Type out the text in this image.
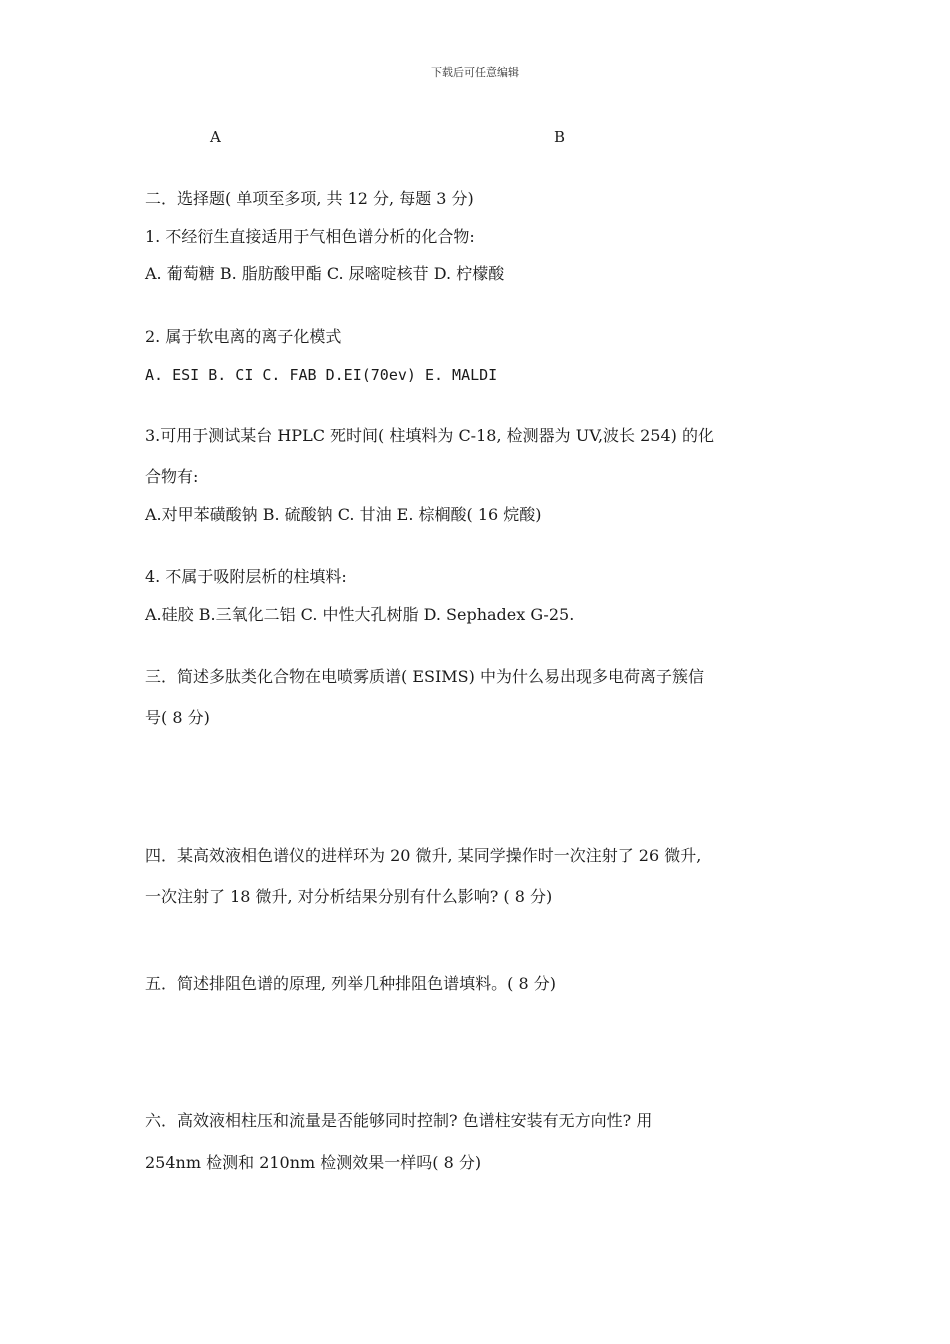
下载后可任意编辑
A	B
二．选择题( 单项至多项, 共 12 分, 每题 3 分)
1. 不经衍生直接适用于气相色谱分析的化合物:
A. 葡萄糖 B. 脂肪酸甲酯 C. 尿嘧啶核苷 D. 柠檬酸
2. 属于软电离的离子化模式
A. ESI B. CI C. FAB D.EI(70ev) E. MALDI
3.可用于测试某台 HPLC 死时间( 柱填料为 C-18, 检测器为 UV,波长 254) 的化
合物有:
A.对甲苯磺酸钠 B. 硫酸钠 C. 甘油 E. 棕榈酸( 16 烷酸)
4. 不属于吸附层析的柱填料:
A.硅胶 B.三氧化二铝 C. 中性大孔树脂 D. Sephadex G-25.
三．简述多肽类化合物在电喷雾质谱( ESIMS) 中为什么易出现多电荷离子簇信
号( 8 分)
四．某高效液相色谱仪的进样环为 20 微升, 某同学操作时一次注射了 26 微升,
一次注射了 18 微升, 对分析结果分别有什么影响? ( 8 分)
五．简述排阻色谱的原理, 列举几种排阻色谱填料。( 8 分)
六．高效液相柱压和流量是否能够同时控制? 色谱柱安装有无方向性? 用
254nm 检测和 210nm 检测效果一样吗( 8 分)
